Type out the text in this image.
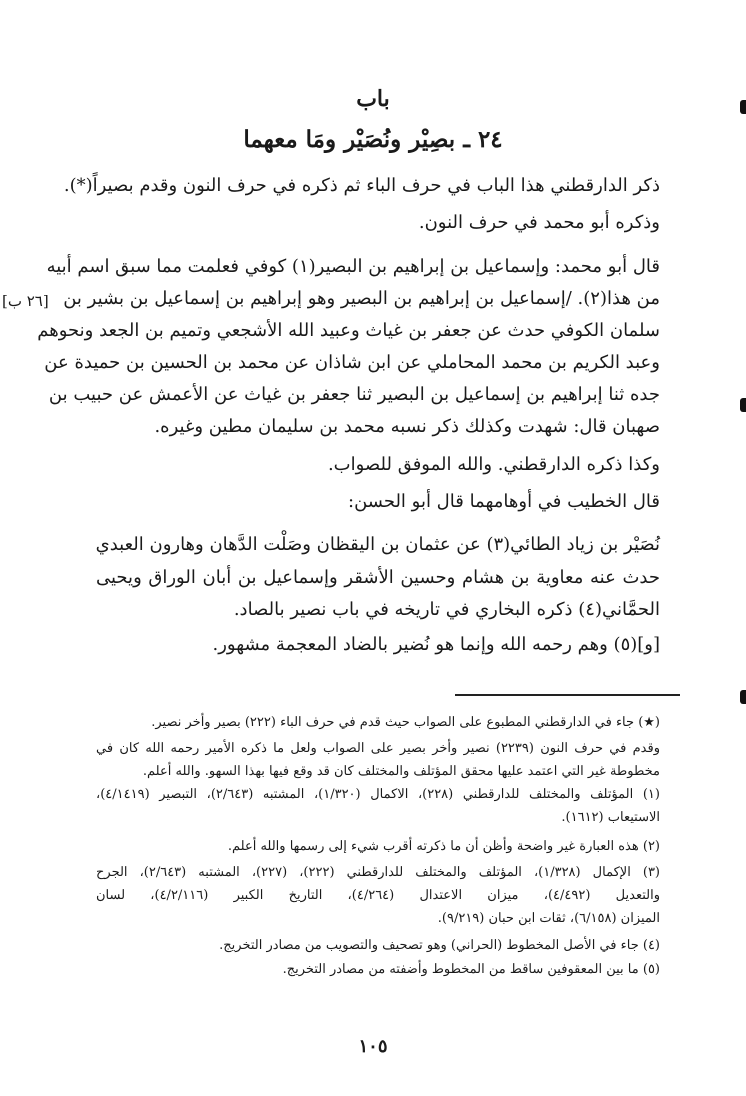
باب
٢٤ ـ بصِيْر ونُصَيْر ومَا معهما
ذكر الدارقطني هذا الباب في حرف الباء ثم ذكره في حرف النون وقدم بصيراً(*).
وذكره أبو محمد في حرف النون.
قال أبو محمد: وإسماعيل بن إبراهيم بن البصير(١) كوفي فعلمت مما سبق اسم أبيه
من هذا(٢). /إسماعيل بن إبراهيم بن البصير وهو إبراهيم بن إسماعيل بن بشير بن
سلمان الكوفي حدث عن جعفر بن غياث وعبيد الله الأشجعي وتميم بن الجعد ونحوهم
وعبد الكريم بن محمد المحاملي عن ابن شاذان عن محمد بن الحسين بن حميدة عن
جده ثنا إبراهيم بن إسماعيل بن البصير ثنا جعفر بن غياث عن الأعمش عن حبيب بن
صهبان قال: شهدت وكذلك ذكر نسبه محمد بن سليمان مطين وغيره.
وكذا ذكره الدارقطني. والله الموفق للصواب.
قال الخطيب في أوهامهما قال أبو الحسن:
نُصَيْر بن زياد الطائي(٣) عن عثمان بن اليقظان وصَلْت الدَّهان وهارون العبدي
حدث عنه معاوية بن هشام وحسين الأشقر وإسماعيل بن أبان الوراق ويحيى
الحمَّاني(٤) ذكره البخاري في تاريخه في باب نصير بالصاد.
[و](٥) وهم رحمه الله وإنما هو نُضير بالضاد المعجمة مشهور.
[٢٦ ب]
(★) جاء في الدارقطني المطبوع على الصواب حيث قدم في حرف الباء (٢٢٢) بصير وأخر نصير.
وقدم في حرف النون (٢٢٣٩) نصير وأخر بصير على الصواب ولعل ما ذكره الأمير رحمه الله كان في
مخطوطة غير التي اعتمد عليها محقق المؤتلف والمختلف كان قد وقع فيها بهذا السهو. والله أعلم.
(١) المؤتلف والمختلف للدارقطني (٢٢٨)، الاكمال (١/٣٢٠)، المشتبه (٢/٦٤٣)، التبصير (٤/١٤١٩)،
الاستيعاب (١٦١٢).
(٢) هذه العبارة غير واضحة وأظن أن ما ذكرته أقرب شيء إلى رسمها والله أعلم.
(٣) الإكمال (١/٣٢٨)، المؤتلف والمختلف للدارقطني (٢٢٢)، (٢٢٧)، المشتبه (٢/٦٤٣)، الجرح
والتعديل (٤/٤٩٢)، ميزان الاعتدال (٤/٢٦٤)، التاريخ الكبير (٤/٢/١١٦)، لسان
الميزان (٦/١٥٨)، ثقات ابن حبان (٩/٢١٩).
(٤) جاء في الأصل المخطوط (الحراني) وهو تصحيف والتصويب من مصادر التخريج.
(٥) ما بين المعقوفين ساقط من المخطوط وأضفته من مصادر التخريج.
١٠٥
